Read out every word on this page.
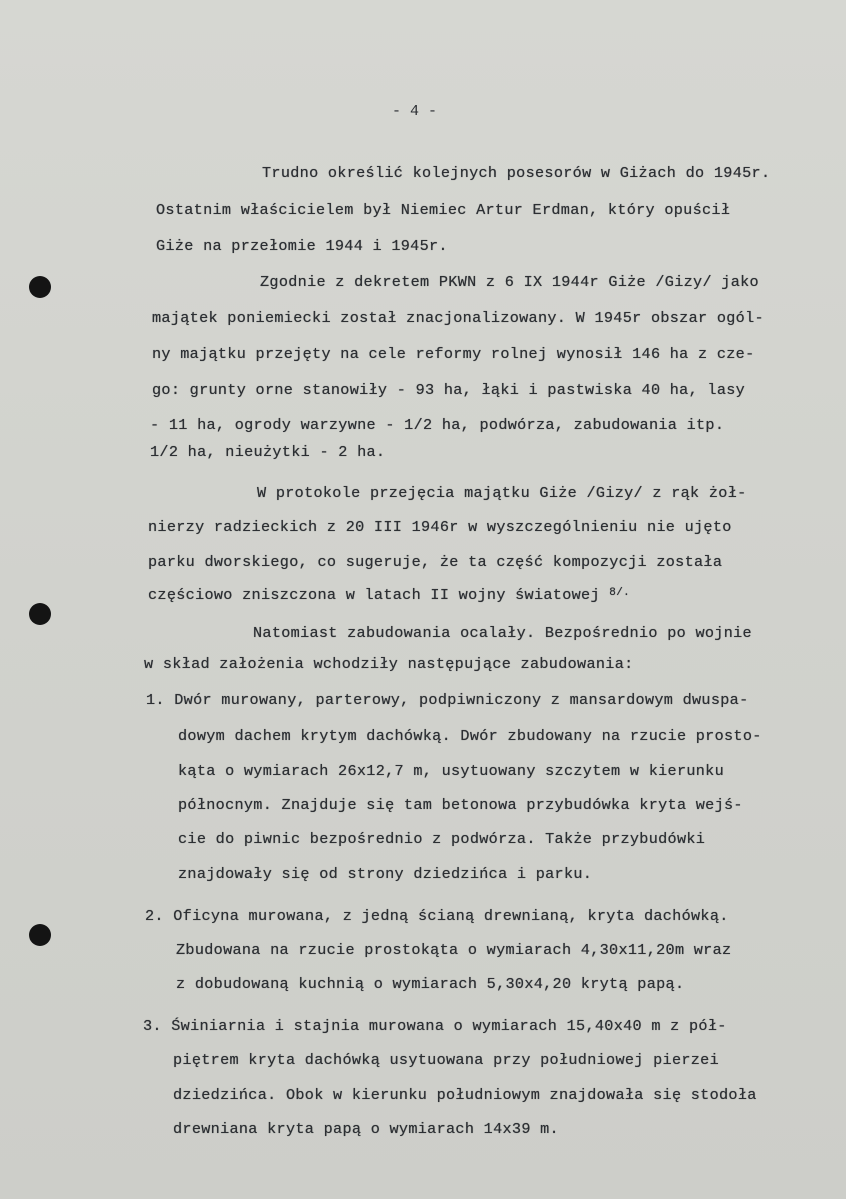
- 4 -
Trudno określić kolejnych posesorów w Giżach do 1945r.
Ostatnim właścicielem był Niemiec Artur Erdman, który opuścił
Giże na przełomie 1944 i 1945r.
Zgodnie z dekretem PKWN z 6 IX 1944r Giże /Gizy/ jako
majątek poniemiecki został znacjonalizowany. W 1945r obszar ogól-
ny majątku przejęty na cele reformy rolnej wynosił 146 ha z cze-
go: grunty orne stanowiły - 93 ha, łąki i pastwiska 40 ha, lasy
- 11 ha, ogrody warzywne - 1/2 ha, podwórza, zabudowania itp.
1/2 ha, nieużytki - 2 ha.
W protokole przejęcia majątku Giże /Gizy/ z rąk żoł-
nierzy radzieckich z 20 III 1946r w wyszczególnieniu nie ujęto
parku dworskiego, co sugeruje, że ta część kompozycji została
częściowo zniszczona w latach II wojny światowej $^{8/.}$
Natomiast zabudowania ocalały. Bezpośrednio po wojnie
w skład założenia wchodziły następujące zabudowania:
1. Dwór murowany, parterowy, podpiwniczony z mansardowym dwuspa-
dowym dachem krytym dachówką. Dwór zbudowany na rzucie prosto-
kąta o wymiarach 26x12,7 m, usytuowany szczytem w kierunku
północnym. Znajduje się tam betonowa przybudówka kryta wejś-
cie do piwnic bezpośrednio z podwórza. Także przybudówki
znajdowały się od strony dziedzińca i parku.
2. Oficyna murowana, z jedną ścianą drewnianą, kryta dachówką.
Zbudowana na rzucie prostokąta o wymiarach 4,30x11,20m wraz
z dobudowaną kuchnią o wymiarach 5,30x4,20 krytą papą.
3. Świniarnia i stajnia murowana o wymiarach 15,40x40 m z pół-
piętrem kryta dachówką usytuowana przy południowej pierzei
dziedzińca. Obok w kierunku południowym znajdowała się stodoła
drewniana kryta papą o wymiarach 14x39 m.
